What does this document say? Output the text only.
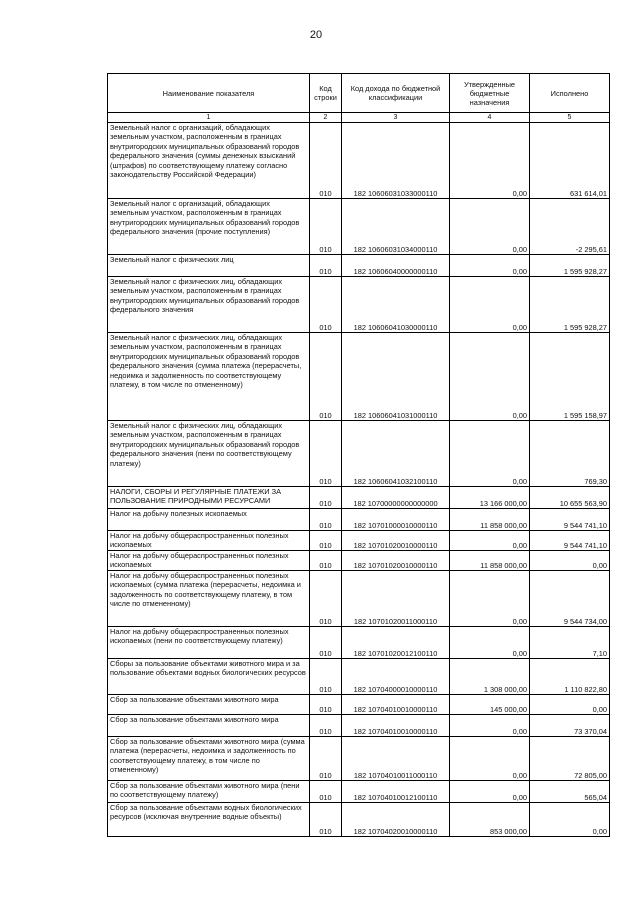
20
Наименование показателя	Код строки	Код дохода по бюджетной классификации	Утвержденные бюджетные назначения	Исполнено
1	2	3	4	5
Земельный налог с организаций, обладающих земельным участком, расположенным в границах внутригородских муниципальных образований городов федерального значения (суммы денежных взысканий (штрафов) по соответствующему платежу согласно законодательству Российской Федерации)	010	182 10606031033000110	0,00	631 614,01
Земельный налог с организаций, обладающих земельным участком, расположенным в границах внутригородских муниципальных образований городов федерального значения (прочие поступления)	010	182 10606031034000110	0,00	-2 295,61
Земельный налог с физических лиц	010	182 10606040000000110	0,00	1 595 928,27
Земельный налог с физических лиц, обладающих земельным участком, расположенным в границах внутригородских муниципальных образований городов федерального значения	010	182 10606041030000110	0,00	1 595 928,27
Земельный налог с физических лиц, обладающих земельным участком, расположенным в границах внутригородских муниципальных образований городов федерального значения (сумма платежа (перерасчеты, недоимка и задолженность по соответствующему платежу, в том числе по отмененному)	010	182 10606041031000110	0,00	1 595 158,97
Земельный налог с физических лиц, обладающих земельным участком, расположенным в границах внутригородских муниципальных образований городов федерального значения (пени по соответствующему платежу)	010	182 10606041032100110	0,00	769,30
НАЛОГИ, СБОРЫ И РЕГУЛЯРНЫЕ ПЛАТЕЖИ ЗА ПОЛЬЗОВАНИЕ ПРИРОДНЫМИ РЕСУРСАМИ	010	182 10700000000000000	13 166 000,00	10 655 563,90
Налог на добычу полезных ископаемых	010	182 10701000010000110	11 858 000,00	9 544 741,10
Налог на добычу общераспространенных полезных ископаемых	010	182 10701020010000110	0,00	9 544 741,10
Налог на добычу общераспространенных полезных ископаемых	010	182 10701020010000110	11 858 000,00	0,00
Налог на добычу общераспространенных полезных ископаемых (сумма платежа (перерасчеты, недоимка и задолженность по соответствующему платежу, в том числе по отмененному)	010	182 10701020011000110	0,00	9 544 734,00
Налог на добычу общераспространенных полезных ископаемых (пени по соответствующему платежу)	010	182 10701020012100110	0,00	7,10
Сборы за пользование объектами животного мира и за пользование объектами водных биологических ресурсов	010	182 10704000010000110	1 308 000,00	1 110 822,80
Сбор за пользование объектами животного мира	010	182 10704010010000110	145 000,00	0,00
Сбор за пользование объектами животного мира	010	182 10704010010000110	0,00	73 370,04
Сбор за пользование объектами животного мира (сумма платежа (перерасчеты, недоимка и задолженность по соответствующему платежу, в том числе по отмененному)	010	182 10704010011000110	0,00	72 805,00
Сбор за пользование объектами животного мира (пени по соответствующему платежу)	010	182 10704010012100110	0,00	565,04
Сбор за пользование объектами водных биологических ресурсов (исключая внутренние водные объекты)	010	182 10704020010000110	853 000,00	0,00
